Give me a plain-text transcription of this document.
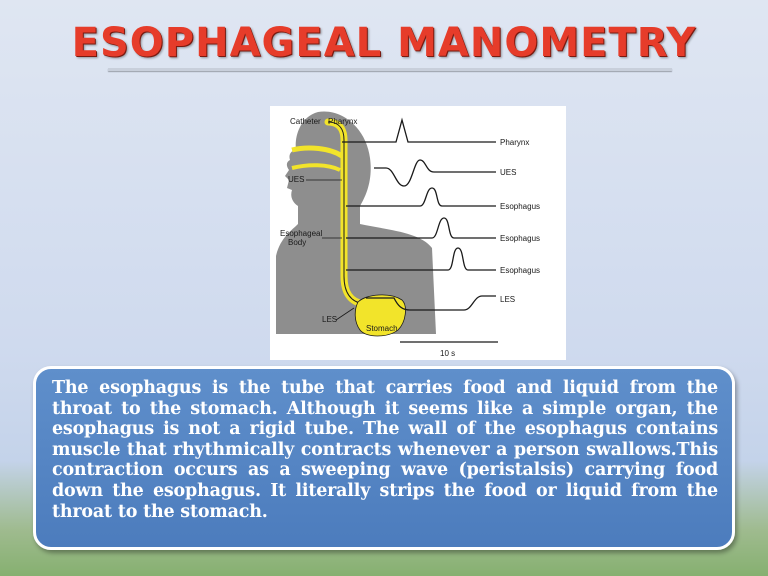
ESOPHAGEAL MANOMETRY
Catheter Pharynx
UES
Esophageal
Body
LES
Stomach
Pharynx
UES
Esophagus
Esophagus
Esophagus
LES
10 s

The esophagus is the tube that carries food and liquid from the throat to the stomach. Although it seems like a simple organ, the esophagus is not a rigid tube. The wall of the esophagus contains muscle that rhythmically contracts whenever a person swallows.This contraction occurs as a sweeping wave (peristalsis) carrying food down the esophagus. It literally strips the food or liquid from the throat to the stomach.
